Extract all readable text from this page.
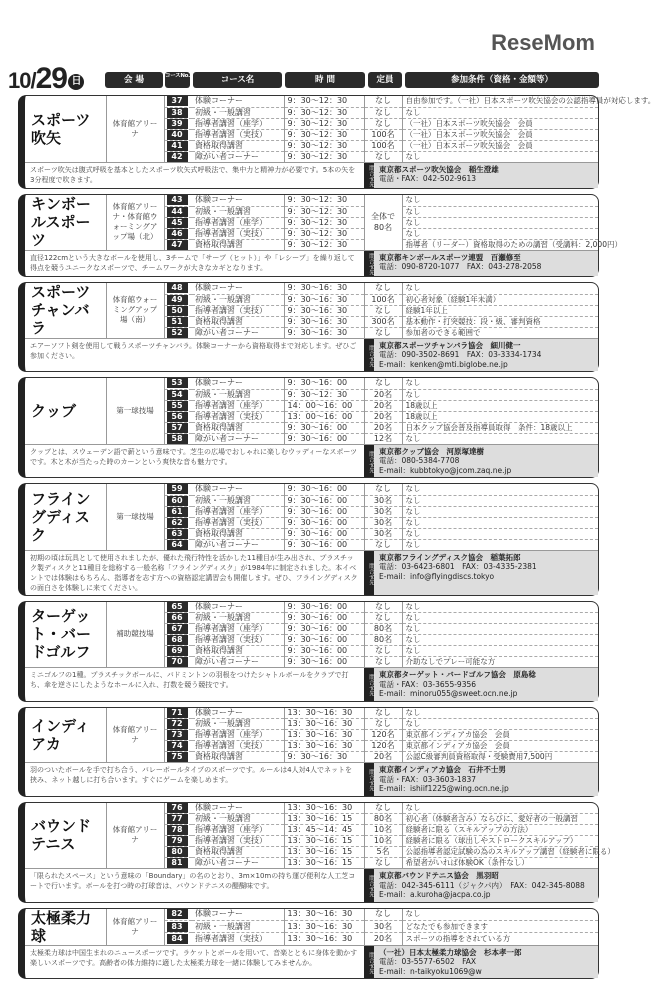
10/29 日	会 場	コースNo.	コース名	時 間	定員	参加条件（資格・金額等）
スポーツ吹矢	体育館アリーナ	37	体験コーナー	9：30〜12：30	なし	自由参加です。（一社）日本スポーツ吹矢協会の公認指導員が対応します。
		38	初級・一般講習	9：30〜12：30	なし	なし
		39	指導者講習（座学）	9：30〜12：30	なし	（一社）日本スポーツ吹矢協会　会員
		40	指導者講習（実技）	9：30〜12：30	100名	（一社）日本スポーツ吹矢協会　会員
		41	資格取得講習	9：30〜12：30	100名	（一社）日本スポーツ吹矢協会　会員
		42	障がい者コーナー	9：30〜12：30	なし	なし
スポーツ吹矢は腹式呼吸を基本としたスポーツ吹矢式呼吸法で、集中力と精神力が必要です。5本の矢を3分程度で吹きます。					問合せ先 東京都スポーツ吹矢協会　稲生澄雄
電話・FAX：042-502-9613	
キンボールスポーツ	体育館アリーナ・体育館ウォーミングアップ場（北）	43	体験コーナー	9：30〜12：30	全体で80名	なし
		44	初級・一般講習	9：30〜12：30		なし
		45	指導者講習（座学）	9：30〜12：30		なし
		46	指導者講習（実技）	9：30〜12：30		なし
		47	資格取得講習	9：30〜12：30		指導者（リーダー）資格取得のための講習（受講料：2,000円）
直径122cmという大きなボールを使用し、3チームで「サーブ（ヒット）」や「レシーブ」を繰り返して得点を競うユニークなスポーツで、チームワークが大きなカギとなります。					問合せ先 東京都キンボールスポーツ連盟　百瀬修至
電話：090-8720-1077　FAX：043-278-2058	
スポーツチャンバラ	体育館ウォーミングアップ場（南）	48	体験コーナー	9：30〜16：30	なし	なし
		49	初級・一般講習	9：30〜16：30	100名	初心者対象（経験1年未満）
		50	指導者講習（実技）	9：30〜16：30	なし	経験1年以上
		51	資格取得講習	9：30〜16：30	300名	基本動作・打突競技：段・級、審判資格
		52	障がい者コーナー	9：30〜16：30	なし	参加者のできる範囲で
エアーソフト剣を使用して戦うスポーツチャンバラ。体験コーナーから資格取得まで対応します。ぜひご参加ください。					問合せ先 東京都スポーツチャンバラ協会　細川健一
電話：090-3502-8691　FAX：03-3334-1734
E-mail：kenken@mti.biglobe.ne.jp	
クッブ	第一球技場	53	体験コーナー	9：30〜16：00	なし	なし
		54	初級・一般講習	9：30〜12：30	20名	なし
		55	指導者講習（座学）	14：00〜16：00	20名	18歳以上
		56	指導者講習（実技）	13：00〜16：00	20名	18歳以上
		57	資格取得講習	9：30〜16：00	20名	日本クッブ協会普及指導員取得　条件：18歳以上
		58	障がい者コーナー	9：30〜16：00	12名	なし
クッブとは、スウェーデン語で薪という意味です。芝生の広場でおしゃれに楽しむウッディーなスポーツです。木と木が当たった時のカーンという爽快な音も魅力です。					問合せ先 東京都クッブ協会　河原塚達樹
電話：080-5384-7708
E-mail：kubbtokyo@jcom.zaq.ne.jp	
フライングディスク	第一球技場	59	体験コーナー	9：30〜16：00	なし	なし
		60	初級・一般講習	9：30〜16：00	30名	なし
		61	指導者講習（座学）	9：30〜16：00	30名	なし
		62	指導者講習（実技）	9：30〜16：00	30名	なし
		63	資格取得講習	9：30〜16：00	30名	なし
		64	障がい者コーナー	9：30〜16：00	なし	なし
初期の頃は玩具として使用されましたが、優れた飛行特性を活かした11種目が生み出され、プラスチック製ディスクと11種目を総称する一般名称「フライングディスク」が1984年に制定されました。本イベントでは体験はもちろん、指導者を志す方への資格認定講習会も開催します。ぜひ、フライングディスクの面白さを体験しに来てください。					問合せ先
東京都フライングディスク協会　稲葉拓郎
電話：03-6423-6801　FAX：03-4335-2381
E-mail：info@flyingdiscs.tokyo	
ターゲット・バードゴルフ	補助競技場	65	体験コーナー	9：30〜16：00	なし	なし
		66	初級・一般講習	9：30〜16：00	なし	なし
		67	指導者講習（座学）	9：30〜16：00	80名	なし
		68	指導者講習（実技）	9：30〜16：00	80名	なし
		69	資格取得講習	9：30〜16：00	なし	なし
		70	障がい者コーナー	9：30〜16：00	なし	介助なしでプレー可能な方
ミニゴルフの1種。プラスチックボールに、バドミントンの羽根をつけたシャトルボールをクラブで打ち、傘を逆さにしたようなホールに入れ、打数を競う競技です。					問合せ先 東京都ターゲット・バードゴルフ協会　原島稔
電話・FAX：03-3655-9356
E-mail：minoru055@sweet.ocn.ne.jp	
インディアカ	体育館アリーナ	71	体験コーナー	13：30〜16：30	なし	なし
		72	初級・一般講習	13：30〜16：30	なし	なし
		73	指導者講習（座学）	13：30〜16：30	120名	東京都インディアカ協会　会員
		74	指導者講習（実技）	13：30〜16：30	120名	東京都インディアカ協会　会員
		75	資格取得講習	9：30〜16：30	20名	公認C級審判員資格取得・受験費用7,500円
羽のついたボールを手で打ち合う、バレーボールタイプのスポーツです。ルールは4人対4人でネットを挟み、ネット越しに打ち合います。すぐにゲームを楽しめます。					問合せ先 東京都インディアカ協会　石井不士男
電話・FAX：03-3603-1837
E-mail：ishiif1225@wing.ocn.ne.jp	
バウンドテニス	体育館アリーナ	76	体験コーナー	13：30〜16：30	なし	なし
		77	初級・一般講習	13：30〜16：15	80名	初心者（体験者含み）ならびに、愛好者の一般講習
		78	指導者講習（座学）	13：45〜14：45	10名	経験者に限る（スキルアップの方法）
		79	指導者講習（実技）	13：30〜16：15	10名	経験者に限る（球出しやストロークスキルアップ）
		80	資格取得講習	13：30〜16：15	5名	公認指導者認定試験の為のスキルアップ講習（経験者に限る）
		81	障がい者コーナー	13：30〜16：15	なし	希望者がいれば体験OK（条件なし）
「限られたスペース」という意味の「Boundary」の名のとおり、3m×10mの持ち運び便利な人工芝コートで行います。ボールを打つ時の打球音は、バウンドテニスの醍醐味です。					問合せ先 東京都バウンドテニス協会　黒羽昭
電話：042-345-6111（ジャクパ内）　FAX：042-345-8088
E-mail：a.kuroha@jacpa.co.jp	
太極柔力球	体育館アリーナ	82	体験コーナー	13：30〜16：30	なし	なし
		83	初級・一般講習	13：30〜16：30	30名	どなたでも参加できます
		84	指導者講習（実技）	13：30〜16：30	20名	スポーツの指導をされている方
太極柔力球は中国生まれのニュースポーツです。ラケットとボールを用いて、音楽とともに身体を動かす楽しいスポーツです。高齢者の体力維持に適した太極柔力球を一緒に体験してみませんか。					問合せ先 （一社）日本太極柔力球協会　杉本孝一郎
電話：03-5577-6502　FAX
E-mail：n-taikyoku1069@w	
ReseMom
